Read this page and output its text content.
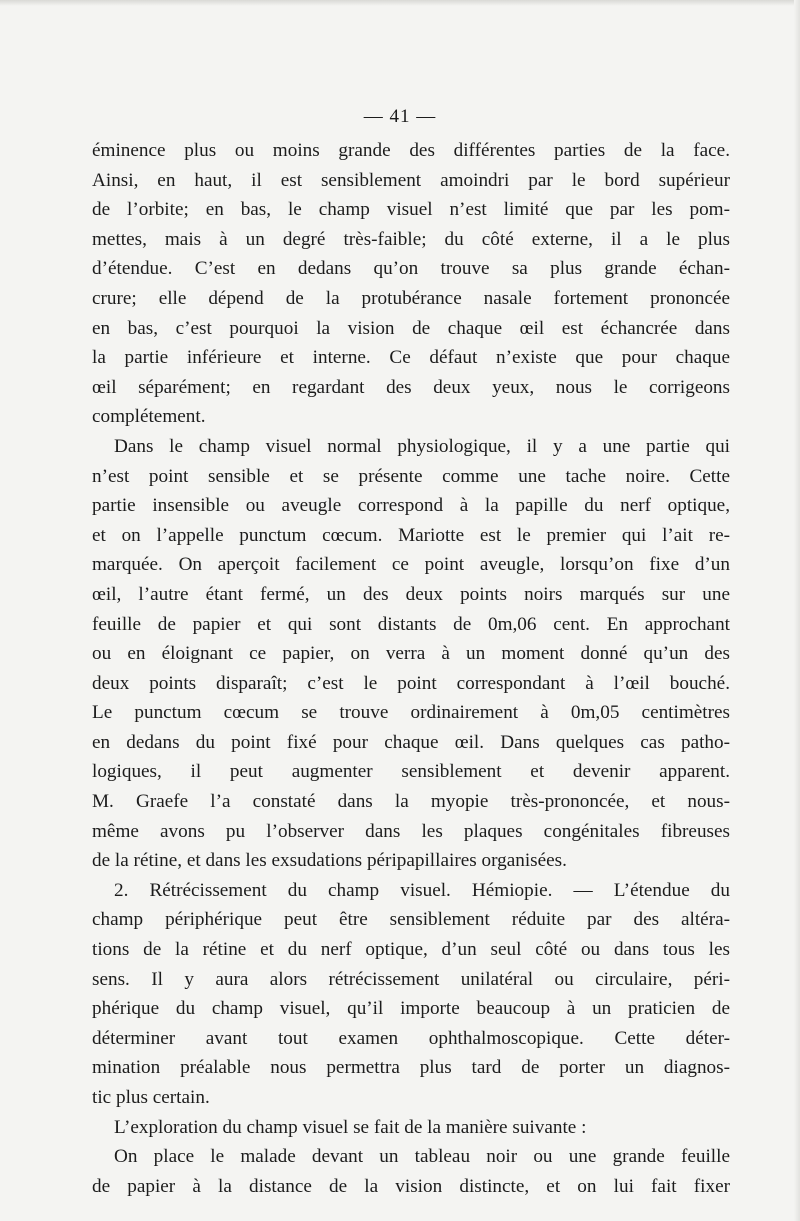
— 41 —
éminence plus ou moins grande des différentes parties de la face.
Ainsi, en haut, il est sensiblement amoindri par le bord supérieur
de l’orbite; en bas, le champ visuel n’est limité que par les pom-
mettes, mais à un degré très-faible; du côté externe, il a le plus
d’étendue. C’est en dedans qu’on trouve sa plus grande échan-
crure; elle dépend de la protubérance nasale fortement prononcée
en bas, c’est pourquoi la vision de chaque œil est échancrée dans
la partie inférieure et interne. Ce défaut n’existe que pour chaque
œil séparément; en regardant des deux yeux, nous le corrigeons
complétement.
Dans le champ visuel normal physiologique, il y a une partie qui
n’est point sensible et se présente comme une tache noire. Cette
partie insensible ou aveugle correspond à la papille du nerf optique,
et on l’appelle punctum cœcum. Mariotte est le premier qui l’ait re-
marquée. On aperçoit facilement ce point aveugle, lorsqu’on fixe d’un
œil, l’autre étant fermé, un des deux points noirs marqués sur une
feuille de papier et qui sont distants de 0m,06 cent. En approchant
ou en éloignant ce papier, on verra à un moment donné qu’un des
deux points disparaît; c’est le point correspondant à l’œil bouché.
Le punctum cœcum se trouve ordinairement à 0m,05 centimètres
en dedans du point fixé pour chaque œil. Dans quelques cas patho-
logiques, il peut augmenter sensiblement et devenir apparent.
M. Graefe l’a constaté dans la myopie très-prononcée, et nous-
même avons pu l’observer dans les plaques congénitales fibreuses
de la rétine, et dans les exsudations péripapillaires organisées.
2. Rétrécissement du champ visuel. Hémiopie. — L’étendue du
champ périphérique peut être sensiblement réduite par des altéra-
tions de la rétine et du nerf optique, d’un seul côté ou dans tous les
sens. Il y aura alors rétrécissement unilatéral ou circulaire, péri-
phérique du champ visuel, qu’il importe beaucoup à un praticien de
déterminer avant tout examen ophthalmoscopique. Cette déter-
mination préalable nous permettra plus tard de porter un diagnos-
tic plus certain.
L’exploration du champ visuel se fait de la manière suivante :
On place le malade devant un tableau noir ou une grande feuille
de papier à la distance de la vision distincte, et on lui fait fixer
